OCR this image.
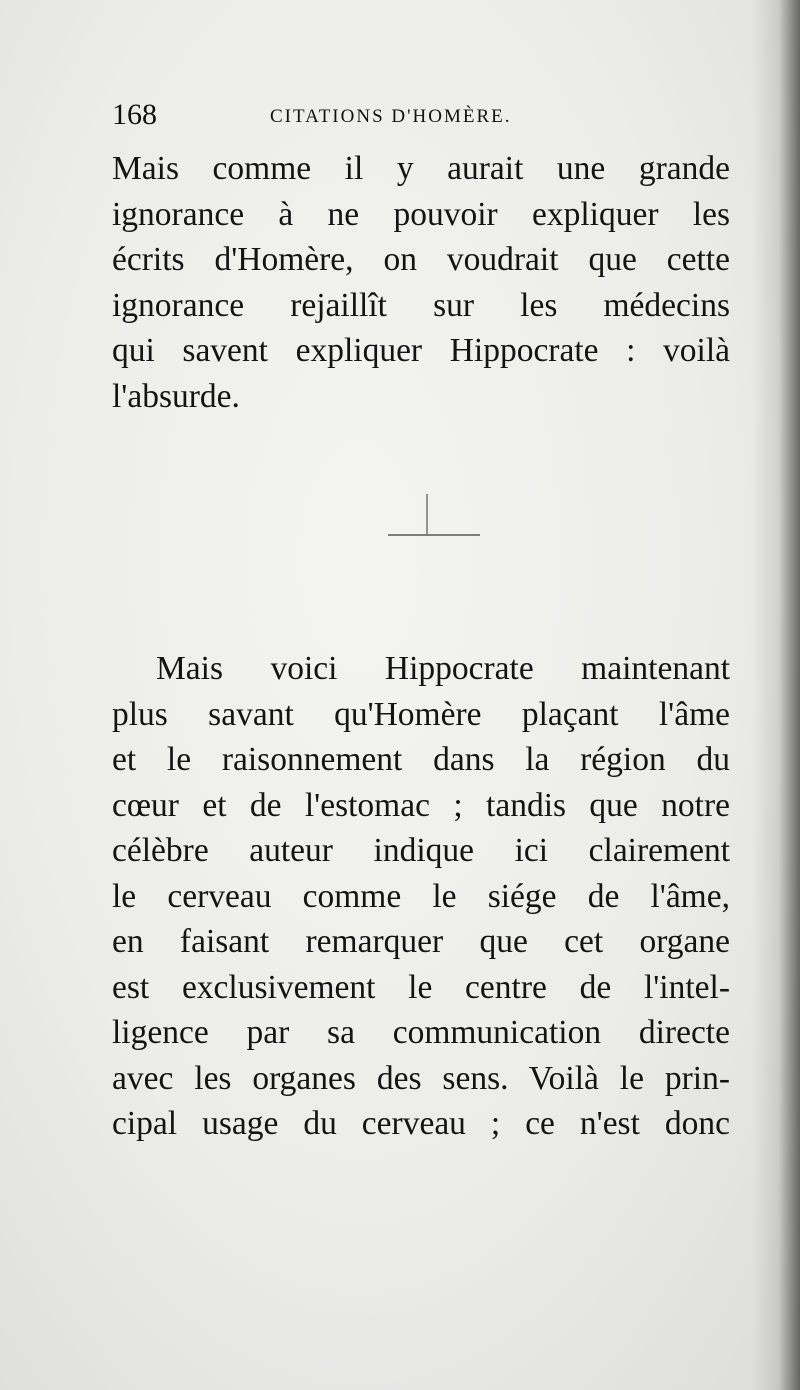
168	CITATIONS D'HOMÈRE.
Mais comme il y aurait une grande
ignorance à ne pouvoir expliquer les
écrits d'Homère, on voudrait que cette
ignorance rejaillît sur les médecins
qui savent expliquer Hippocrate : voilà
l'absurde.
Mais voici Hippocrate maintenant
plus savant qu'Homère plaçant l'âme
et le raisonnement dans la région du
cœur et de l'estomac ; tandis que notre
célèbre auteur indique ici clairement
le cerveau comme le siége de l'âme,
en faisant remarquer que cet organe
est exclusivement le centre de l'intel-
ligence par sa communication directe
avec les organes des sens. Voilà le prin-
cipal usage du cerveau ; ce n'est donc
